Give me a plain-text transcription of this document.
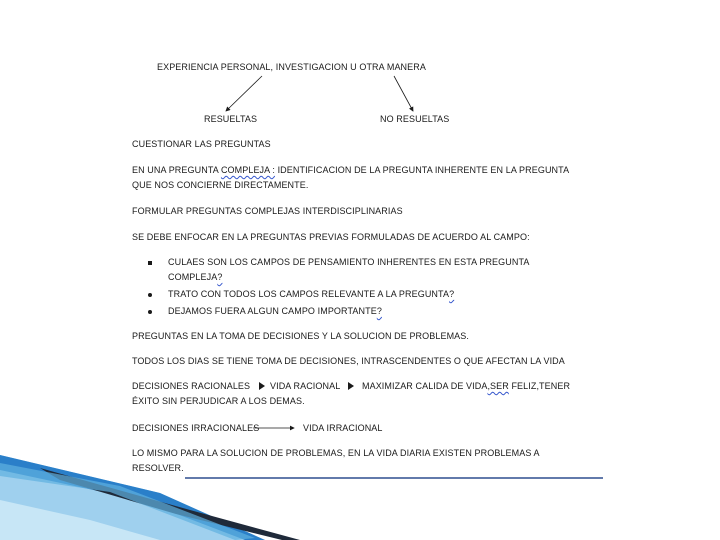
EXPERIENCIA PERSONAL, INVESTIGACION U OTRA MANERA
RESUELTAS	NO RESUELTAS
CUESTIONAR LAS PREGUNTAS
EN UNA PREGUNTA COMPLEJA : IDENTIFICACION DE LA PREGUNTA INHERENTE EN LA PREGUNTA
QUE NOS CONCIERNE DIRECTAMENTE.
FORMULAR PREGUNTAS COMPLEJAS INTERDISCIPLINARIAS
SE DEBE ENFOCAR EN LA PREGUNTAS PREVIAS FORMULADAS DE ACUERDO AL CAMPO:
CULAES SON LOS CAMPOS DE PENSAMIENTO INHERENTES EN ESTA PREGUNTA
COMPLEJA?
TRATO CON TODOS LOS CAMPOS RELEVANTE A LA PREGUNTA?
DEJAMOS FUERA ALGUN CAMPO IMPORTANTE?
PREGUNTAS EN LA TOMA DE DECISIONES Y LA SOLUCION DE PROBLEMAS.
TODOS LOS DIAS SE TIENE TOMA DE DECISIONES, INTRASCENDENTES O QUE AFECTAN LA VIDA
DECISIONES RACIONALES VIDA RACIONAL MAXIMIZAR CALIDA DE VIDA,SER FELIZ,TENER
ÉXITO SIN PERJUDICAR A LOS DEMAS.
DECISIONES IRRACIONALES	VIDA IRRACIONAL
LO MISMO PARA LA SOLUCION DE PROBLEMAS, EN LA VIDA DIARIA EXISTEN PROBLEMAS A
RESOLVER.
